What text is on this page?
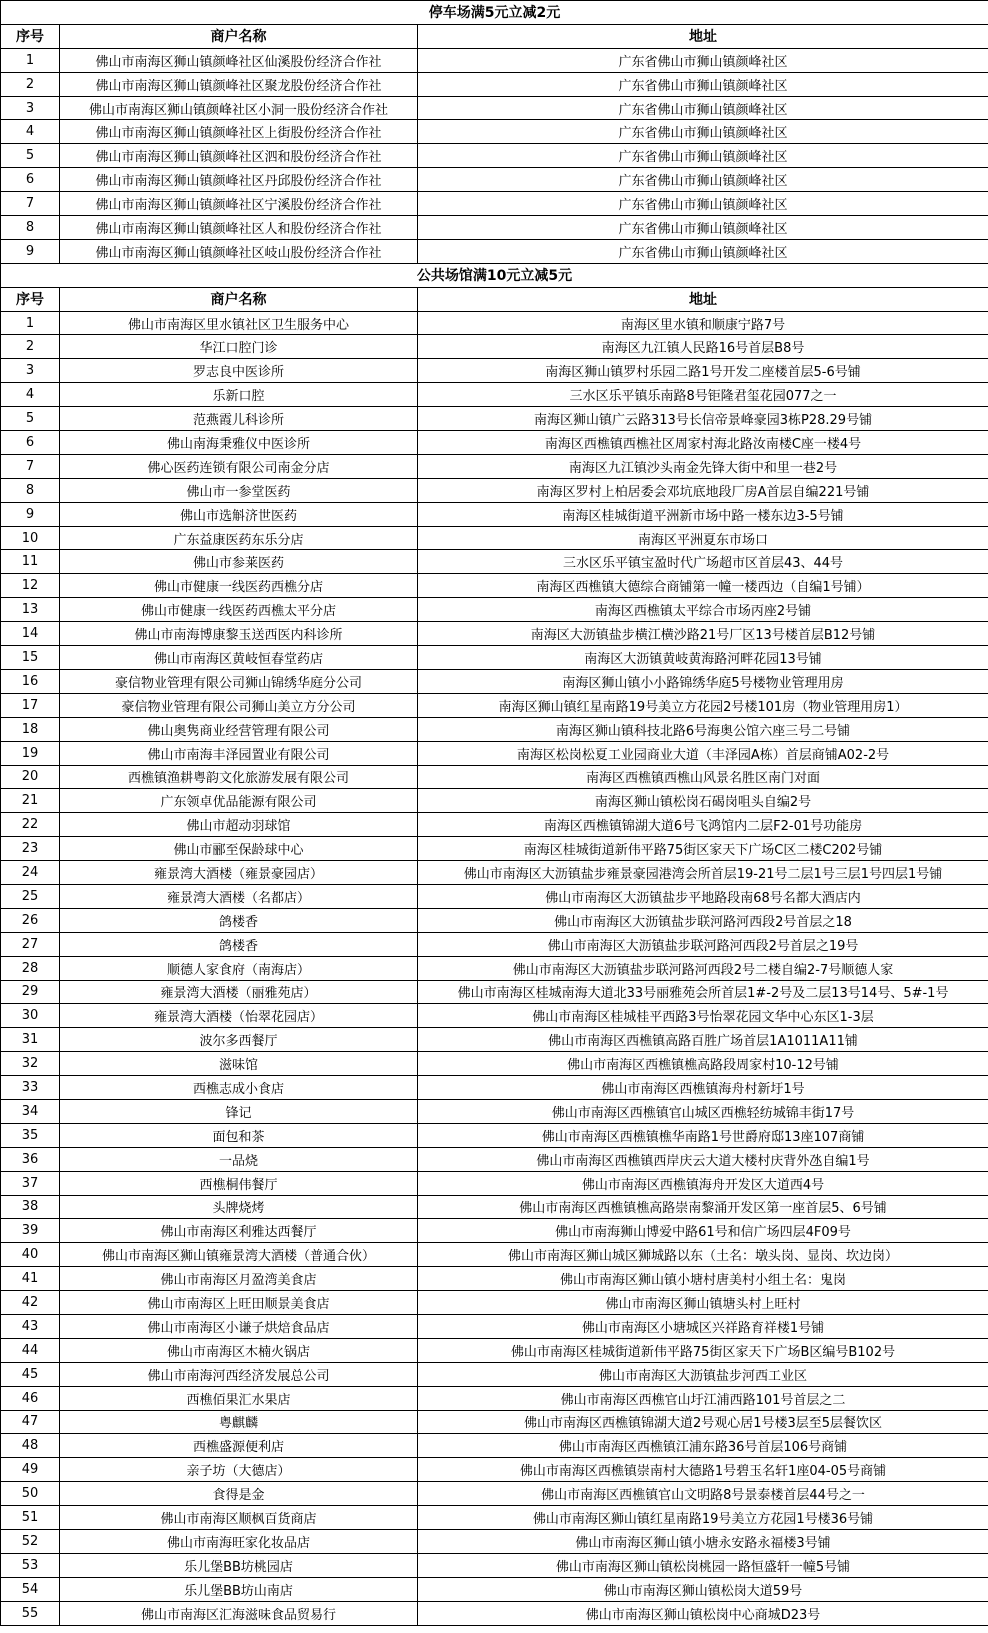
停车场满5元立减2元		
序号	商户名称	地址
1	佛山市南海区狮山镇颜峰社区仙溪股份经济合作社	广东省佛山市狮山镇颜峰社区
2	佛山市南海区狮山镇颜峰社区聚龙股份经济合作社	广东省佛山市狮山镇颜峰社区
3	佛山市南海区狮山镇颜峰社区小洞一股份经济合作社	广东省佛山市狮山镇颜峰社区
4	佛山市南海区狮山镇颜峰社区上街股份经济合作社	广东省佛山市狮山镇颜峰社区
5	佛山市南海区狮山镇颜峰社区泗和股份经济合作社	广东省佛山市狮山镇颜峰社区
6	佛山市南海区狮山镇颜峰社区丹邱股份经济合作社	广东省佛山市狮山镇颜峰社区
7	佛山市南海区狮山镇颜峰社区宁溪股份经济合作社	广东省佛山市狮山镇颜峰社区
8	佛山市南海区狮山镇颜峰社区人和股份经济合作社	广东省佛山市狮山镇颜峰社区
9	佛山市南海区狮山镇颜峰社区岐山股份经济合作社	广东省佛山市狮山镇颜峰社区
公共场馆满10元立减5元		
序号	商户名称	地址
1	佛山市南海区里水镇社区卫生服务中心	南海区里水镇和顺康宁路7号
2	华江口腔门诊	南海区九江镇人民路16号首层B8号
3	罗志良中医诊所	南海区狮山镇罗村乐园二路1号开发二座楼首层5-6号铺
4	乐新口腔	三水区乐平镇乐南路8号钜隆君玺花园077之一
5	范燕霞儿科诊所	南海区狮山镇广云路313号长信帝景峰豪园3栋P28.29号铺
6	佛山南海秉雅仪中医诊所	南海区西樵镇西樵社区周家村海北路汝南楼C座一楼4号
7	佛心医药连锁有限公司南金分店	南海区九江镇沙头南金先锋大街中和里一巷2号
8	佛山市一参堂医药	南海区罗村上柏居委会邓坑底地段厂房A首层自编221号铺
9	佛山市选斛济世医药	南海区桂城街道平洲新市场中路一楼东边3-5号铺
10	广东益康医药东乐分店	南海区平洲夏东市场口
11	佛山市参莱医药	三水区乐平镇宝盈时代广场超市区首层43、44号
12	佛山市健康一线医药西樵分店	南海区西樵镇大德综合商铺第一幢一楼西边（自编1号铺）
13	佛山市健康一线医药西樵太平分店	南海区西樵镇太平综合市场丙座2号铺
14	佛山市南海博康黎玉送西医内科诊所	南海区大沥镇盐步横江横沙路21号厂区13号楼首层B12号铺
15	佛山市南海区黄岐恒春堂药店	南海区大沥镇黄岐黄海路河畔花园13号铺
16	豪信物业管理有限公司狮山锦绣华庭分公司	南海区狮山镇小小路锦绣华庭5号楼物业管理用房
17	豪信物业管理有限公司狮山美立方分公司	南海区狮山镇红星南路19号美立方花园2号楼101房（物业管理用房1）
18	佛山奥隽商业经营管理有限公司	南海区狮山镇科技北路6号海奥公馆六座三号二号铺
19	佛山市南海丰泽园置业有限公司	南海区松岗松夏工业园商业大道（丰泽园A栋）首层商铺A02-2号
20	西樵镇渔耕粤韵文化旅游发展有限公司	南海区西樵镇西樵山风景名胜区南门对面
21	广东领卓优品能源有限公司	南海区狮山镇松岗石碣岗咀头自编2号
22	佛山市超动羽球馆	南海区西樵镇锦湖大道6号飞鸿馆内二层F2-01号功能房
23	佛山市郦至保龄球中心	南海区桂城街道新伟平路75街区家天下广场C区二楼C202号铺
24	雍景湾大酒楼（雍景豪园店）	佛山市南海区大沥镇盐步雍景豪园港湾会所首层19-21号二层1号三层1号四层1号铺
25	雍景湾大酒楼（名都店）	佛山市南海区大沥镇盐步平地路段南68号名都大酒店内
26	鸽楼香	佛山市南海区大沥镇盐步联河路河西段2号首层之18
27	鸽楼香	佛山市南海区大沥镇盐步联河路河西段2号首层之19号
28	顺德人家食府（南海店）	佛山市南海区大沥镇盐步联河路河西段2号二楼自编2-7号顺德人家
29	雍景湾大酒楼（丽雅苑店）	佛山市南海区桂城南海大道北33号丽雅苑会所首层1#-2号及二层13号14号、5#-1号
30	雍景湾大酒楼（怡翠花园店）	佛山市南海区桂城桂平西路3号怡翠花园文华中心东区1-3层
31	波尔多西餐厅	佛山市南海区西樵镇高路百胜广场首层1A1011A11铺
32	滋味馆	佛山市南海区西樵镇樵高路段周家村10-12号铺
33	西樵志成小食店	佛山市南海区西樵镇海舟村新圩1号
34	锋记	佛山市南海区西樵镇官山城区西樵轻纺城锦丰街17号
35	面包和茶	佛山市南海区西樵镇樵华南路1号世爵府邸13座107商铺
36	一品烧	佛山市南海区西樵镇西岸庆云大道大楼村庆背外氹自编1号
37	西樵桐伟餐厅	佛山市南海区西樵镇海舟开发区大道西4号
38	头牌烧烤	佛山市南海区西樵镇樵高路崇南黎涌开发区第一座首层5、6号铺
39	佛山市南海区利雅达西餐厅	佛山市南海狮山博爱中路61号和信广场四层4F09号
40	佛山市南海区狮山镇雍景湾大酒楼（普通合伙）	佛山市南海区狮山城区狮城路以东（土名：墩头岗、显岗、坎边岗）
41	佛山市南海区月盈湾美食店	佛山市南海区狮山镇小塘村唐美村小组土名：鬼岗
42	佛山市南海区上旺田顺景美食店	佛山市南海区狮山镇塘头村上旺村
43	佛山市南海区小谦子烘焙食品店	佛山市南海区小塘城区兴祥路育祥楼1号铺
44	佛山市南海区木楠火锅店	佛山市南海区桂城街道新伟平路75街区家天下广场B区编号B102号
45	佛山市南海河西经济发展总公司	佛山市南海区大沥镇盐步河西工业区
46	西樵佰果汇水果店	佛山市南海区西樵官山圩江浦西路101号首层之二
47	粤麒麟	佛山市南海区西樵镇锦湖大道2号观心居1号楼3层至5层餐饮区
48	西樵盛源便利店	佛山市南海区西樵镇江浦东路36号首层106号商铺
49	亲子坊（大德店）	佛山市南海区西樵镇崇南村大德路1号碧玉名轩1座04-05号商铺
50	食得是金	佛山市南海区西樵镇官山文明路8号景泰楼首层44号之一
51	佛山市南海区顺枫百货商店	佛山市南海区狮山镇红星南路19号美立方花园1号楼36号铺
52	佛山市南海旺家化妆品店	佛山市南海区狮山镇小塘永安路永福楼3号铺
53	乐儿堡BB坊桃园店	佛山市南海区狮山镇松岗桃园一路恒盛轩一幢5号铺
54	乐儿堡BB坊山南店	佛山市南海区狮山镇松岗大道59号
55	佛山市南海区汇海滋味食品贸易行	佛山市南海区狮山镇松岗中心商城D23号
